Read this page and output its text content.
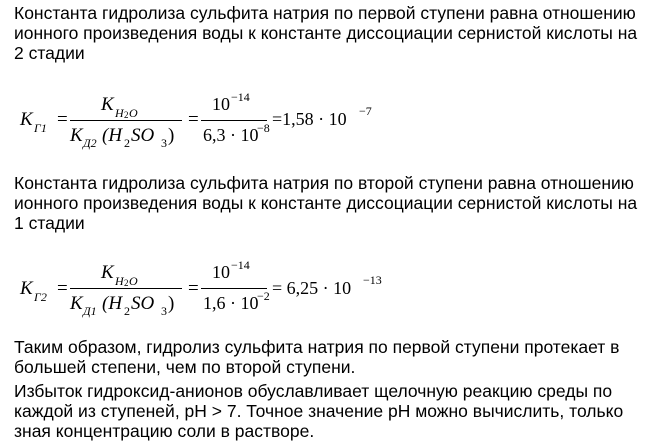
Константа гидролиза сульфита натрия по первой ступени равна отношению ионного произведения воды к константе диссоциации сернистой кислоты на 2 стадии

K Г1 =
K H 2 O
K Д2 (H 2 SO 3 )
=
10 −14
6,3 · 10
−8 =1,58 · 10 −7

Константа гидролиза сульфита натрия по второй ступени равна отношению ионного произведения воды к константе диссоциации сернистой кислоты на 1 стадии

K Г2 =
K H 2 O
K Д1 (H 2 SO 3 )
=
10 −14
1,6 · 10
−2 = 6,25 · 10 −13

Таким образом, гидролиз сульфита натрия по первой ступени протекает в большей степени, чем по второй ступени.

Избыток гидроксид-анионов обуславливает щелочную реакцию среды по каждой из ступеней, pH > 7. Точное значение pH можно вычислить, только зная концентрацию соли в растворе.
